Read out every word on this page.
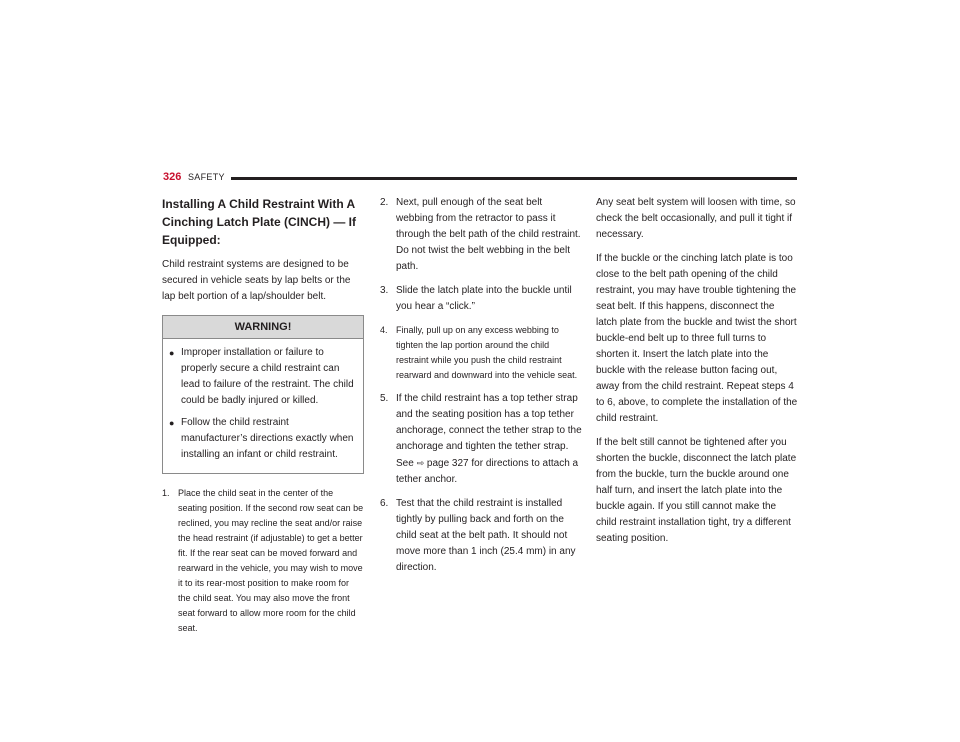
326 SAFETY
Installing A Child Restraint With A Cinching Latch Plate (CINCH) — If Equipped:

Child restraint systems are designed to be secured in vehicle seats by lap belts or the lap belt portion of a lap/shoulder belt.

WARNING!
● Improper installation or failure to properly secure a child restraint can lead to failure of the restraint. The child could be badly injured or killed.
● Follow the child restraint manufacturer’s directions exactly when installing an infant or child restraint.
1. Place the child seat in the center of the seating position. If the second row seat can be reclined, you may recline the seat and/or raise the head restraint (if adjustable) to get a better fit. If the rear seat can be moved forward and rearward in the vehicle, you may wish to move it to its rear-most position to make room for the child seat. You may also move the front seat forward to allow more room for the child seat.
2. Next, pull enough of the seat belt webbing from the retractor to pass it through the belt path of the child restraint. Do not twist the belt webbing in the belt path.
3. Slide the latch plate into the buckle until you hear a “click.”
4. Finally, pull up on any excess webbing to tighten the lap portion around the child restraint while you push the child restraint rearward and downward into the vehicle seat.
5. If the child restraint has a top tether strap and the seating position has a top tether anchorage, connect the tether strap to the anchorage and tighten the tether strap. See ⇨ page 327 for directions to attach a tether anchor.
6. Test that the child restraint is installed tightly by pulling back and forth on the child seat at the belt path. It should not move more than 1 inch (25.4 mm) in any direction.

Any seat belt system will loosen with time, so check the belt occasionally, and pull it tight if necessary.

If the buckle or the cinching latch plate is too close to the belt path opening of the child restraint, you may have trouble tightening the seat belt. If this happens, disconnect the latch plate from the buckle and twist the short buckle-end belt up to three full turns to shorten it. Insert the latch plate into the buckle with the release button facing out, away from the child restraint. Repeat steps 4 to 6, above, to complete the installation of the child restraint.

If the belt still cannot be tightened after you shorten the buckle, disconnect the latch plate from the buckle, turn the buckle around one half turn, and insert the latch plate into the buckle again. If you still cannot make the child restraint installation tight, try a different seating position.
